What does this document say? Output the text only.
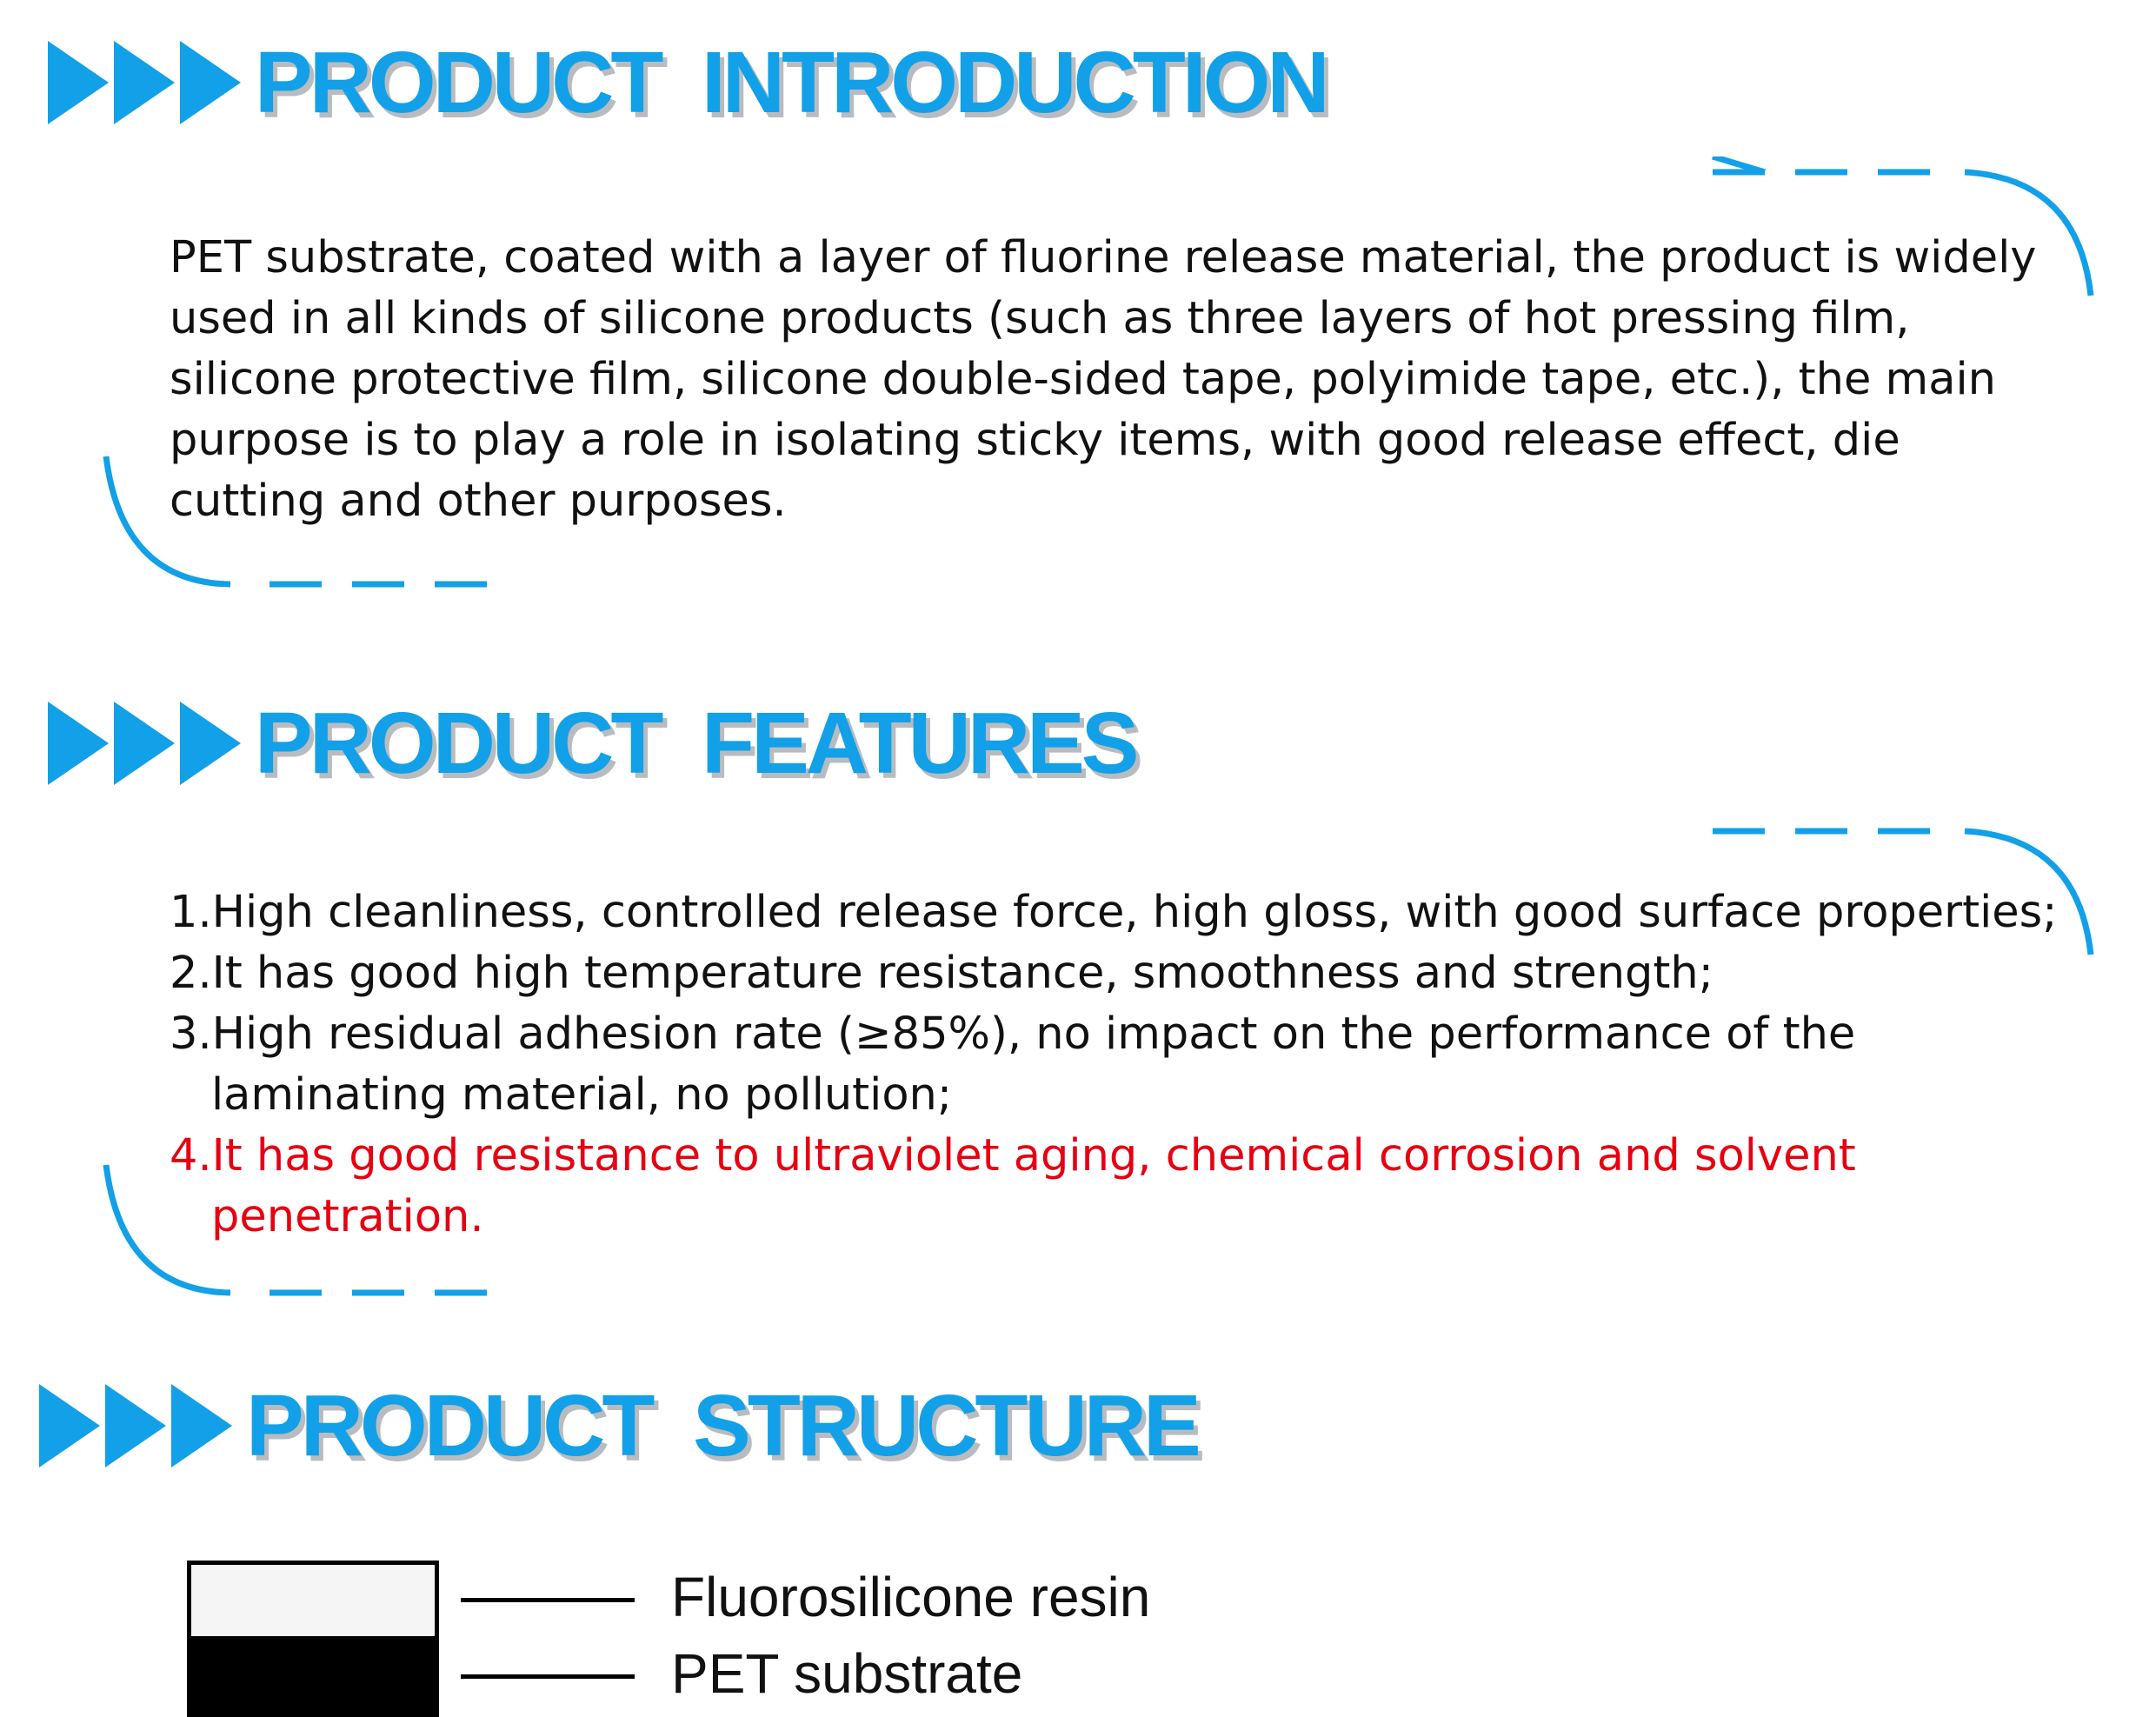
PRODUCT  INTRODUCTION
PET substrate, coated with a layer of fluorine release material, the product is widely
used in all kinds of silicone products (such as three layers of hot pressing film,
silicone protective film, silicone double-sided tape, polyimide tape, etc.), the main
purpose is to play a role in isolating sticky items, with good release effect, die
cutting and other purposes.
PRODUCT  FEATURES
1.High cleanliness, controlled release force, high gloss, with good surface properties;
2.It has good high temperature resistance, smoothness and strength;
3.High residual adhesion rate (≥85%), no impact on the performance of the
laminating material, no pollution;
4.It has good resistance to ultraviolet aging, chemical corrosion and solvent
penetration.
PRODUCT  STRUCTURE
Fluorosilicone resin
PET substrate
